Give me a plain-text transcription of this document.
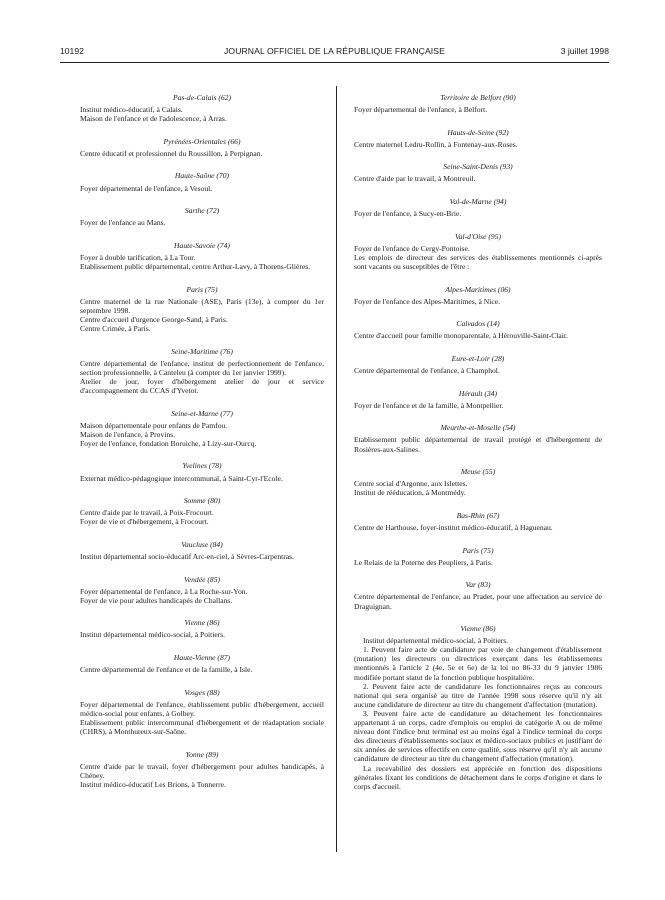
10192	JOURNAL OFFICIEL DE LA RÉPUBLIQUE FRANÇAISE	3 juillet 1998
Pas-de-Calais (62)
Institut médico-éducatif, à Calais.
Maison de l'enfance et de l'adolescence, à Arras.
Pyrénées-Orientales (66)
Centre éducatif et professionnel du Roussillon, à Perpignan.
Haute-Saône (70)
Foyer départemental de l'enfance, à Vesoul.
Sarthe (72)
Foyer de l'enfance au Mans.
Haute-Savoie (74)
Foyer à double tarification, à La Tour.
Etablissement public départemental, centre Arthur-Lavy, à Thorens-Glières.
Paris (75)
Centre maternel de la rue Nationale (ASE), Paris (13e), à compter du 1er septembre 1998.
Centre d'accueil d'urgence George-Sand, à Paris.
Centre Crimée, à Paris.
Seine-Maritime (76)
Centre départemental de l'enfance, institut de perfectionnement de l'enfance, section professionnelle, à Canteleu (à compter du 1er janvier 1999).
Atelier de jour, foyer d'hébergement atelier de jour et service d'accompagnement du CCAS d'Yvetot.
Seine-et-Marne (77)
Maison départementale pour enfants de Pamfou.
Maison de l'enfance, à Provins.
Foyer de l'enfance, fondation Boruiche, à Lizy-sur-Ourcq.
Yvelines (78)
Externat médico-pédagogique intercommunal, à Saint-Cyr-l'Ecole.
Somme (80)
Centre d'aide par le travail, à Poix-Frocourt.
Foyer de vie et d'hébergement, à Frocourt.
Vaucluse (84)
Institut départemental socio-éducatif Arc-en-ciel, à Sèvres-Carpentras.
Vendée (85)
Foyer départemental de l'enfance, à La Roche-sur-Yon.
Foyer de vie pour adultes handicapés de Challans.
Vienne (86)
Institut départemental médico-social, à Poitiers.
Haute-Vienne (87)
Centre départemental de l'enfance et de la famille, à Isle.
Vosges (88)
Foyer départemental de l'enfance, établissement public d'hébergement, accueil médico-social pour enfants, à Golbey.
Etablissement public intercommunal d'hébergement et de réadaptation sociale (CHRS), à Monthureux-sur-Saône.
Yonne (89)
Centre d'aide par le travail, foyer d'hébergement pour adultes handicapés, à Chéney.
Institut médico-éducatif Les Brions, à Tonnerre.
Territoire de Belfort (90)
Foyer départemental de l'enfance, à Belfort.
Hauts-de-Seine (92)
Centre maternel Ledru-Rollin, à Fontenay-aux-Roses.
Seine-Saint-Denis (93)
Centre d'aide par le travail, à Montreuil.
Val-de-Marne (94)
Foyer de l'enfance, à Sucy-en-Brie.
Val-d'Oise (95)
Foyer de l'enfance de Cergy-Pontoise.
Les emplois de directeur des services des établissements mentionnés ci-après sont vacants ou susceptibles de l'être :
Alpes-Maritimes (06)
Foyer de l'enfance des Alpes-Maritimes, à Nice.
Calvados (14)
Centre d'accueil pour famille monoparentale, à Hérouville-Saint-Clair.
Eure-et-Loir (28)
Centre départemental de l'enfance, à Champhol.
Hérault (34)
Foyer de l'enfance et de la famille, à Montpellier.
Meurthe-et-Moselle (54)
Etablissement public départemental de travail protégé et d'hébergement de Rosières-aux-Salines.
Meuse (55)
Centre social d'Argonne, aux Islettes.
Institut de rééducation, à Montmédy.
Bas-Rhin (67)
Centre de Harthouse, foyer-institut médico-éducatif, à Haguenau.
Paris (75)
Le Relais de la Poterne des Peupliers, à Paris.
Var (83)
Centre départemental de l'enfance, au Pradet, pour une affectation au service de Draguignan.
Vienne (86)
Institut départemental médico-social, à Poitiers.
1. Peuvent faire acte de candidature par voie de changement d'établissement (mutation) les directeurs ou directrices exerçant dans les établissements mentionnés à l'article 2 (4e, 5e et 6e) de la loi no 86-33 du 9 janvier 1986 modifiée portant statut de la fonction publique hospitalière.
2. Peuvent faire acte de candidature les fonctionnaires reçus au concours national qui sera organisé au titre de l'année 1998 sous réserve qu'il n'y ait aucune candidature de directeur au titre du changement d'affectation (mutation).
3. Peuvent faire acte de candidature au détachement les fonctionnaires appartenant à un corps, cadre d'emplois ou emploi de catégorie A ou de même niveau dont l'indice brut terminal est au moins égal à l'indice terminal du corps des directeurs d'établissements sociaux et médico-sociaux publics et justifiant de six années de services effectifs en cette qualité, sous réserve qu'il n'y ait aucune candidature de directeur au titre du changement d'affectation (mutation).
La recevabilité des dossiers est appréciée en fonction des dispositions générales fixant les conditions de détachement dans le corps d'origine et dans le corps d'accueil.
